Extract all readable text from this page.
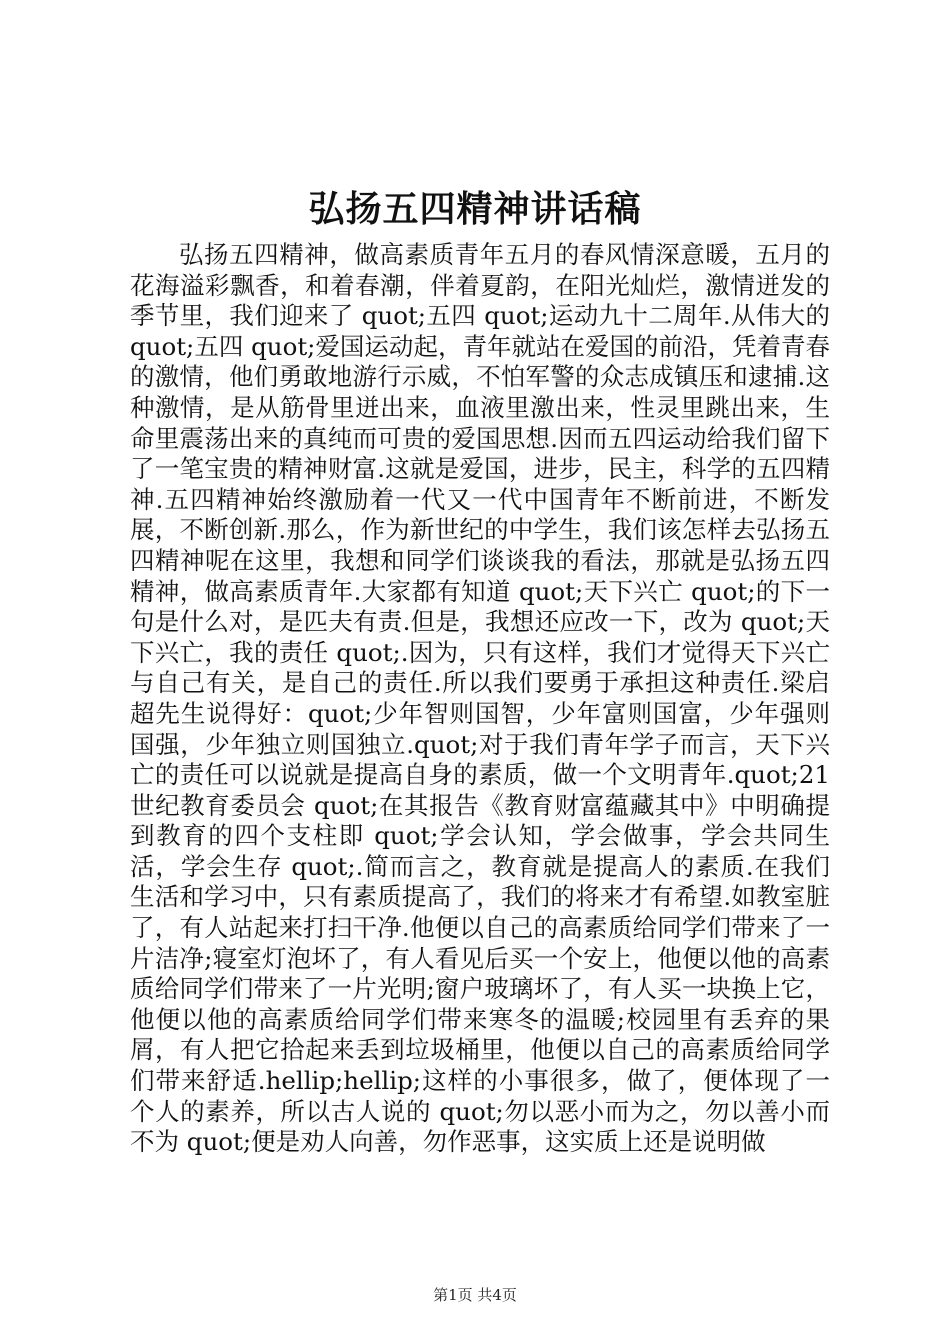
弘扬五四精神讲话稿

弘扬五四精神，做高素质青年五月的春风情深意暖，五月的花海溢彩飘香，和着春潮，伴着夏韵，在阳光灿烂，激情迸发的季节里，我们迎来了 quot;五四 quot;运动九十二周年.从伟大的 quot;五四 quot;爱国运动起，青年就站在爱国的前沿，凭着青春的激情，他们勇敢地游行示威，不怕军警的众志成镇压和逮捕.这种激情，是从筋骨里迸出来，血液里激出来，性灵里跳出来，生命里震荡出来的真纯而可贵的爱国思想.因而五四运动给我们留下了一笔宝贵的精神财富.这就是爱国，进步，民主，科学的五四精神.五四精神始终激励着一代又一代中国青年不断前进，不断发展，不断创新.那么，作为新世纪的中学生，我们该怎样去弘扬五四精神呢在这里，我想和同学们谈谈我的看法，那就是弘扬五四精神，做高素质青年.大家都有知道 quot;天下兴亡 quot;的下一句是什么对，是匹夫有责.但是，我想还应改一下，改为 quot;天下兴亡，我的责任 quot;.因为，只有这样，我们才觉得天下兴亡与自己有关，是自己的责任.所以我们要勇于承担这种责任.梁启超先生说得好：quot;少年智则国智，少年富则国富，少年强则国强，少年独立则国独立.quot;对于我们青年学子而言，天下兴亡的责任可以说就是提高自身的素质，做一个文明青年.quot;21 世纪教育委员会 quot;在其报告《教育财富蕴藏其中》中明确提到教育的四个支柱即 quot;学会认知，学会做事，学会共同生活，学会生存 quot;.简而言之，教育就是提高人的素质.在我们生活和学习中，只有素质提高了，我们的将来才有希望.如教室脏了，有人站起来打扫干净.他便以自己的高素质给同学们带来了一片洁净;寝室灯泡坏了，有人看见后买一个安上，他便以他的高素质给同学们带来了一片光明;窗户玻璃坏了，有人买一块换上它，他便以他的高素质给同学们带来寒冬的温暖;校园里有丢弃的果屑，有人把它拾起来丢到垃圾桶里，他便以自己的高素质给同学们带来舒适.hellip;hellip;这样的小事很多，做了，便体现了一个人的素养，所以古人说的 quot;勿以恶小而为之，勿以善小而不为 quot;便是劝人向善，勿作恶事，这实质上还是说明做

第1页 共4页
